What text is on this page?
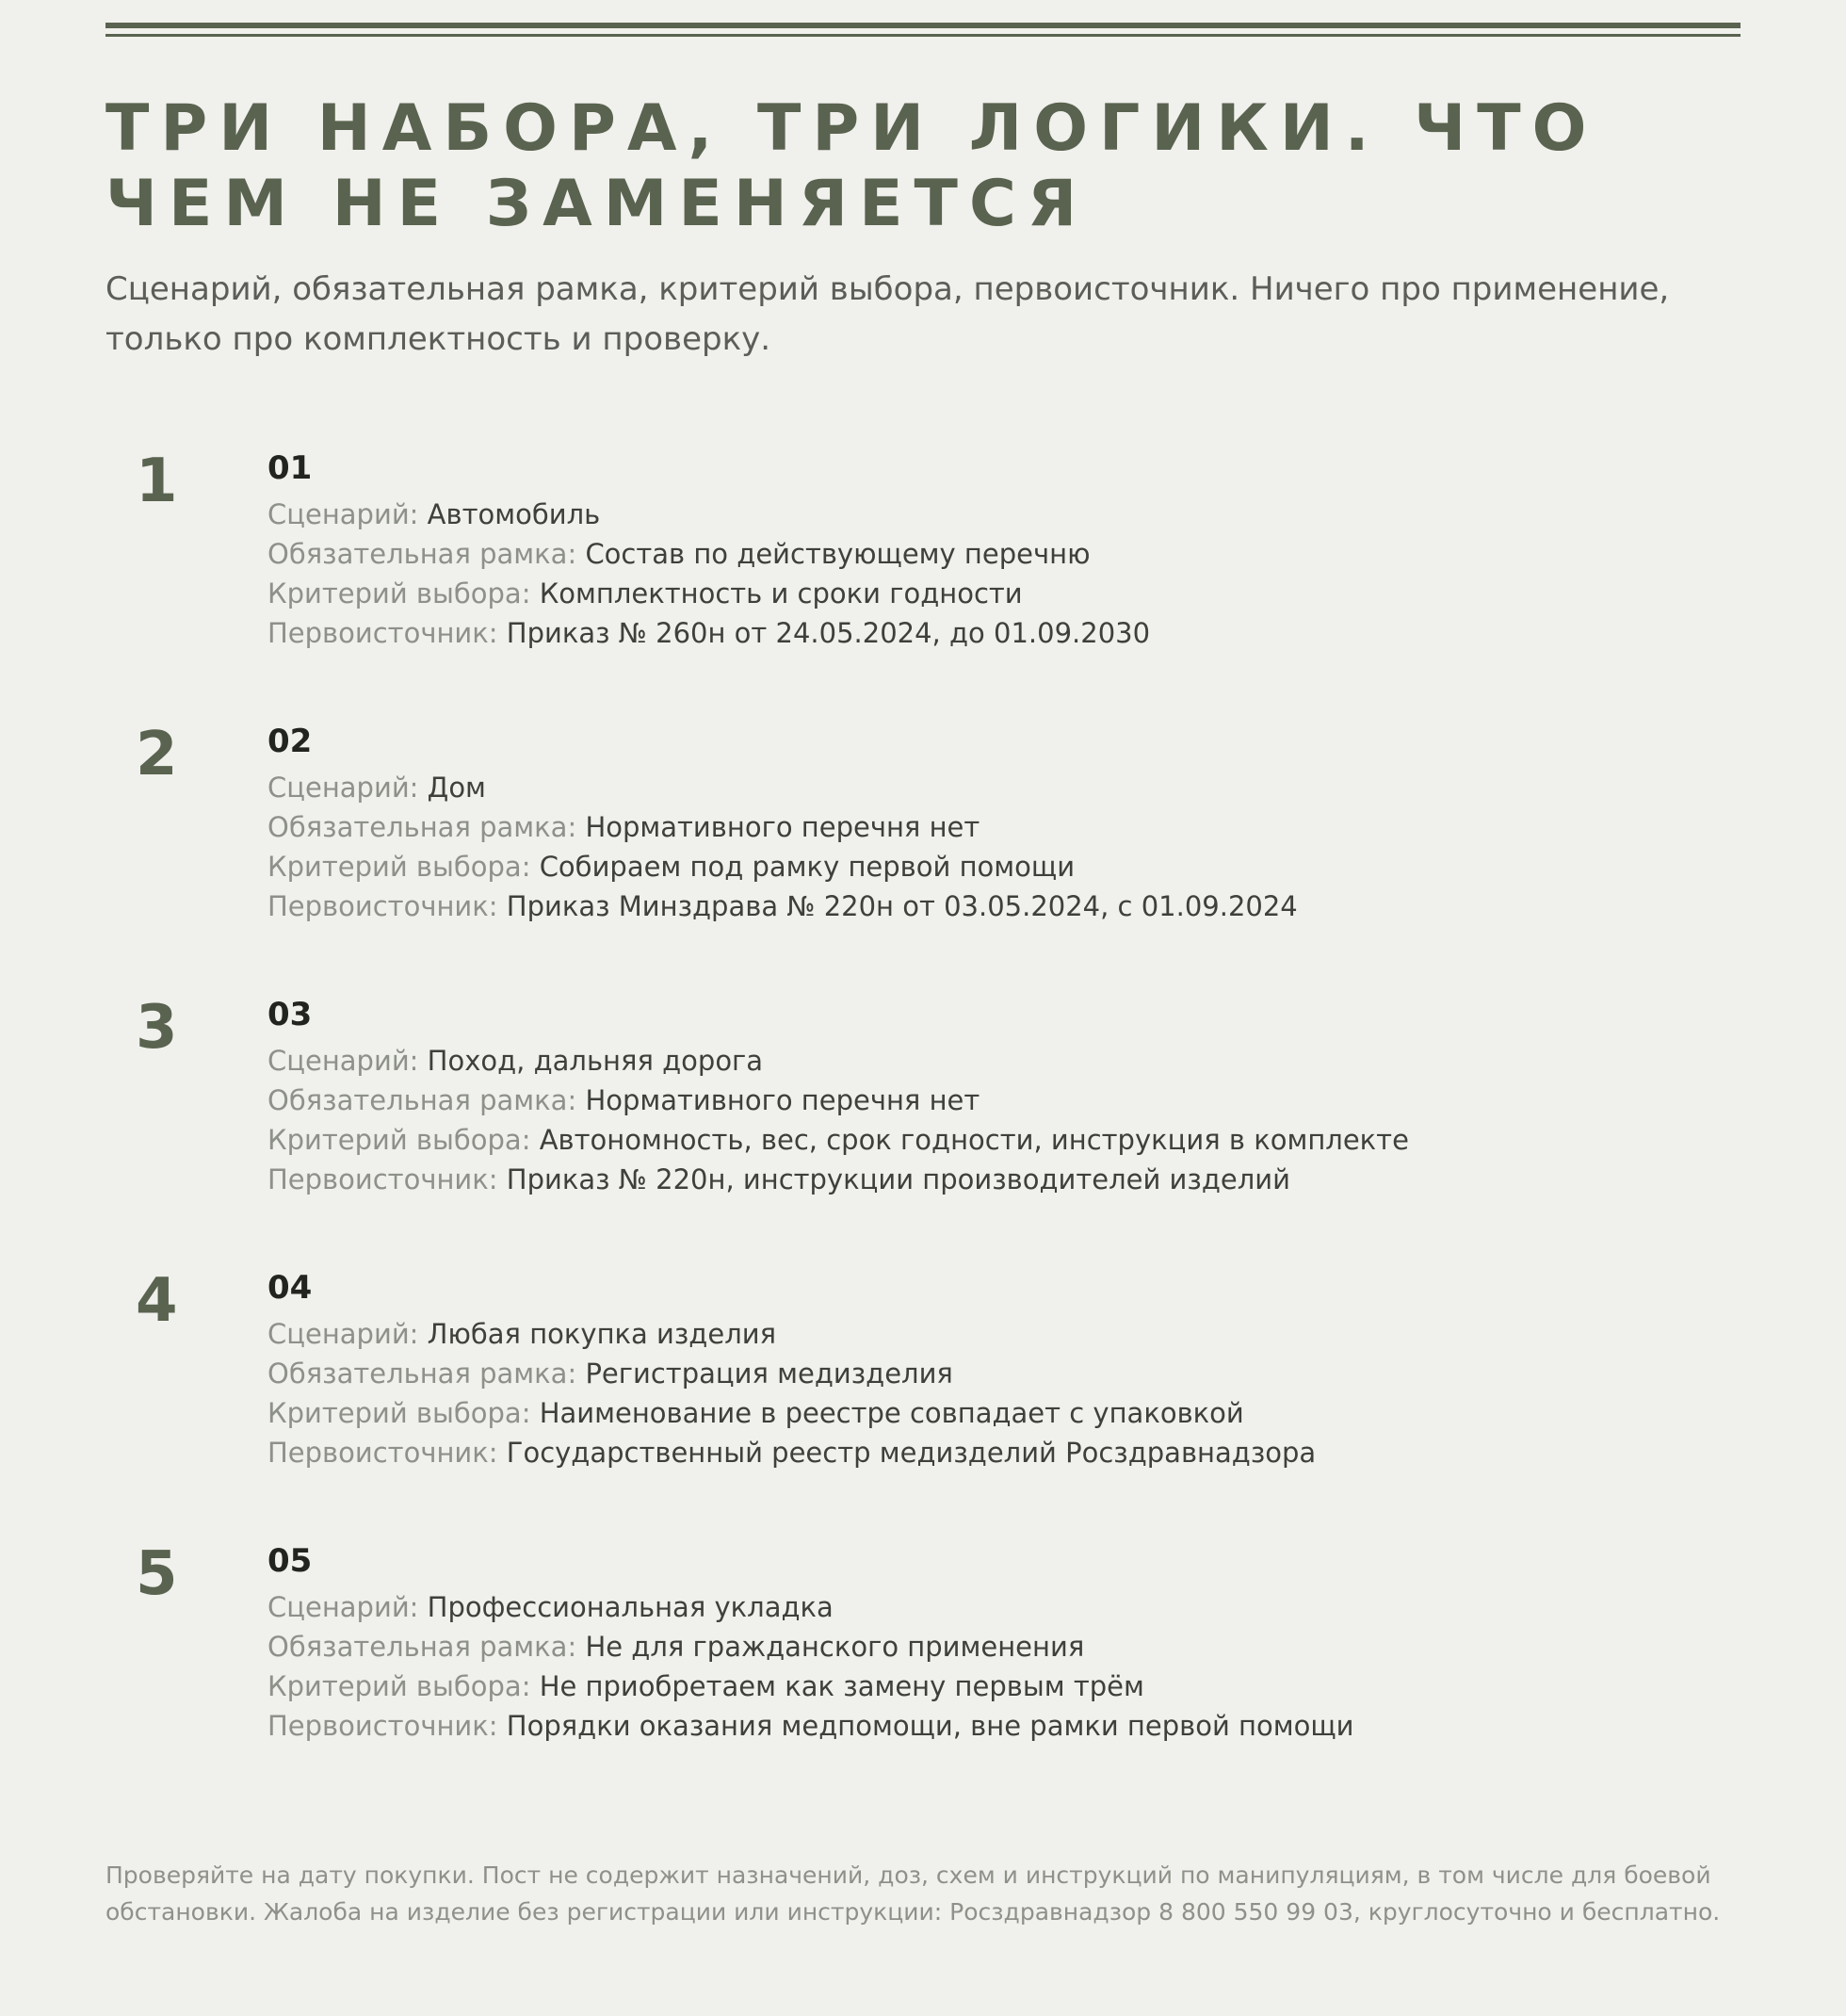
ТРИ НАБОРА, ТРИ ЛОГИКИ. ЧТО ЧЕМ НЕ ЗАМЕНЯЕТСЯ
Сценарий, обязательная рамка, критерий выбора, первоисточник. Ничего про применение, только про комплектность и проверку.
1	01
Сценарий: Автомобиль
Обязательная рамка: Состав по действующему перечню
Критерий выбора: Комплектность и сроки годности
Первоисточник: Приказ № 260н от 24.05.2024, до 01.09.2030
2	02
Сценарий: Дом
Обязательная рамка: Нормативного перечня нет
Критерий выбора: Собираем под рамку первой помощи
Первоисточник: Приказ Минздрава № 220н от 03.05.2024, с 01.09.2024
3	03
Сценарий: Поход, дальняя дорога
Обязательная рамка: Нормативного перечня нет
Критерий выбора: Автономность, вес, срок годности, инструкция в комплекте
Первоисточник: Приказ № 220н, инструкции производителей изделий
4	04
Сценарий: Любая покупка изделия
Обязательная рамка: Регистрация медизделия
Критерий выбора: Наименование в реестре совпадает с упаковкой
Первоисточник: Государственный реестр медизделий Росздравнадзора
5	05
Сценарий: Профессиональная укладка
Обязательная рамка: Не для гражданского применения
Критерий выбора: Не приобретаем как замену первым трём
Первоисточник: Порядки оказания медпомощи, вне рамки первой помощи
Проверяйте на дату покупки. Пост не содержит назначений, доз, схем и инструкций по манипуляциям, в том числе для боевой обстановки. Жалоба на изделие без регистрации или инструкции: Росздравнадзор 8 800 550 99 03, круглосуточно и бесплатно.
